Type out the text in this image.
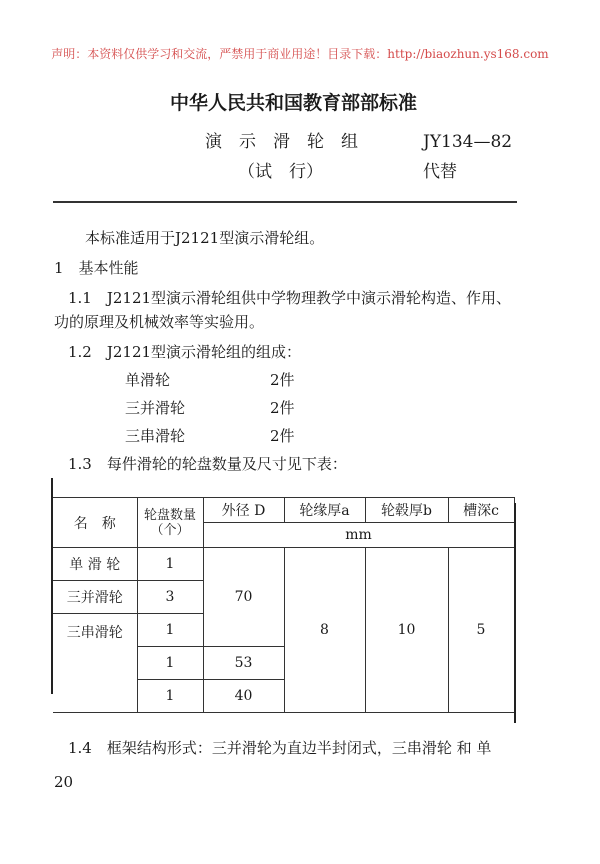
声明：本资料仅供学习和交流，严禁用于商业用途！目录下载：http://biaozhun.ys168.com
中华人民共和国教育部部标准
演　示　滑　轮　组	JY134—82
（试　行）	代替
本标准适用于J2121型演示滑轮组。
1　基本性能
1.1　J2121型演示滑轮组供中学物理教学中演示滑轮构造、作用、
功的原理及机械效率等实验用。
1.2　J2121型演示滑轮组的组成：
单滑轮	2件
三并滑轮	2件
三串滑轮	2件
1.3　每件滑轮的轮盘数量及尺寸见下表：
名　称	轮盘数量（个）	外径 D	轮缘厚a	轮毂厚b	槽深c
		mm			
单 滑 轮	1	70	8	10	5
三并滑轮	3				
三串滑轮	1				
	1	53			
	1	40			
1.4　框架结构形式：三并滑轮为直边半封闭式，三串滑轮 和 单
20
